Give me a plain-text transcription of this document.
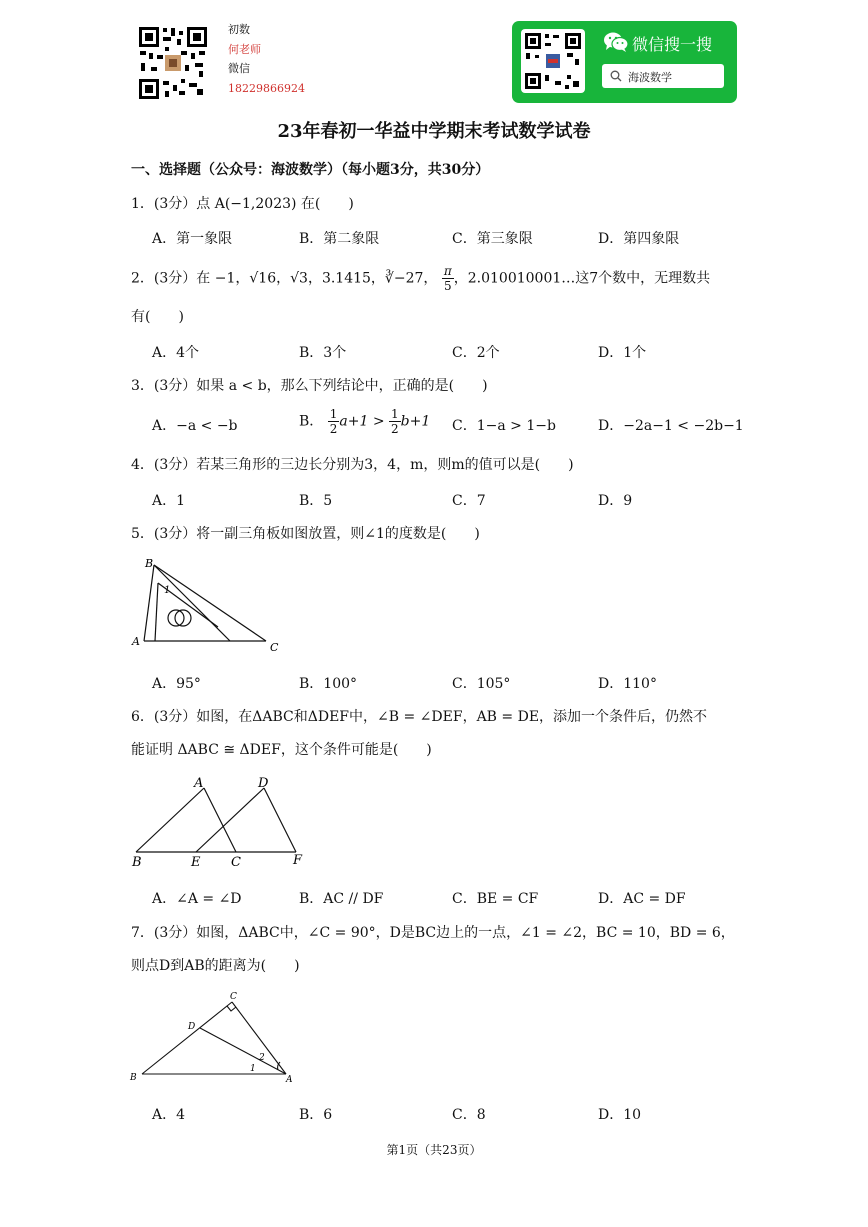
初数
何老师
微信
18229866924
微信搜一搜
海波数学
23年春初一华益中学期末考试数学试卷
一、选择题（公众号：海波数学）（每小题3分，共30分）
1．(3分）点 A(−1,2023) 在(　　)
A．第一象限	B．第二象限	C．第三象限	D．第四象限
2．(3分）在 −1，√16，√3，3.1415，∛−27， $\frac{\pi}{5}$ ，2.010010001…这7个数中，无理数共
有(　　)
A．4个	B．3个	C．2个	D．1个
3．(3分）如果 a < b，那么下列结论中，正确的是(　　)
A．−a < −b	B． $\frac{1}{2} a+1 > \frac{1}{2} b+1$ C．1−a > 1−b	D．−2a−1 < −2b−1
4．(3分）若某三角形的三边长分别为3，4，m，则m的值可以是(　　)
A．1	B．5	C．7	D．9
5．(3分）将一副三角板如图放置，则∠1的度数是(　　)
B
1
A	C
A．95°	B．100°	C．105°	D．110°
6．(3分）如图，在ΔABC和ΔDEF中，∠B = ∠DEF，AB = DE，添加一个条件后，仍然不
能证明 ΔABC ≅ ΔDEF，这个条件可能是(　　)
A	D
B	E C	F
A．∠A = ∠D	B．AC // DF	C．BE = CF	D．AC = DF
7．(3分）如图，ΔABC中，∠C = 90°，D是BC边上的一点，∠1 = ∠2，BC = 10，BD = 6，
则点D到AB的距离为(　　)
C
D
2
1
B	A
A．4	B．6	C．8	D．10
第1页（共23页）
